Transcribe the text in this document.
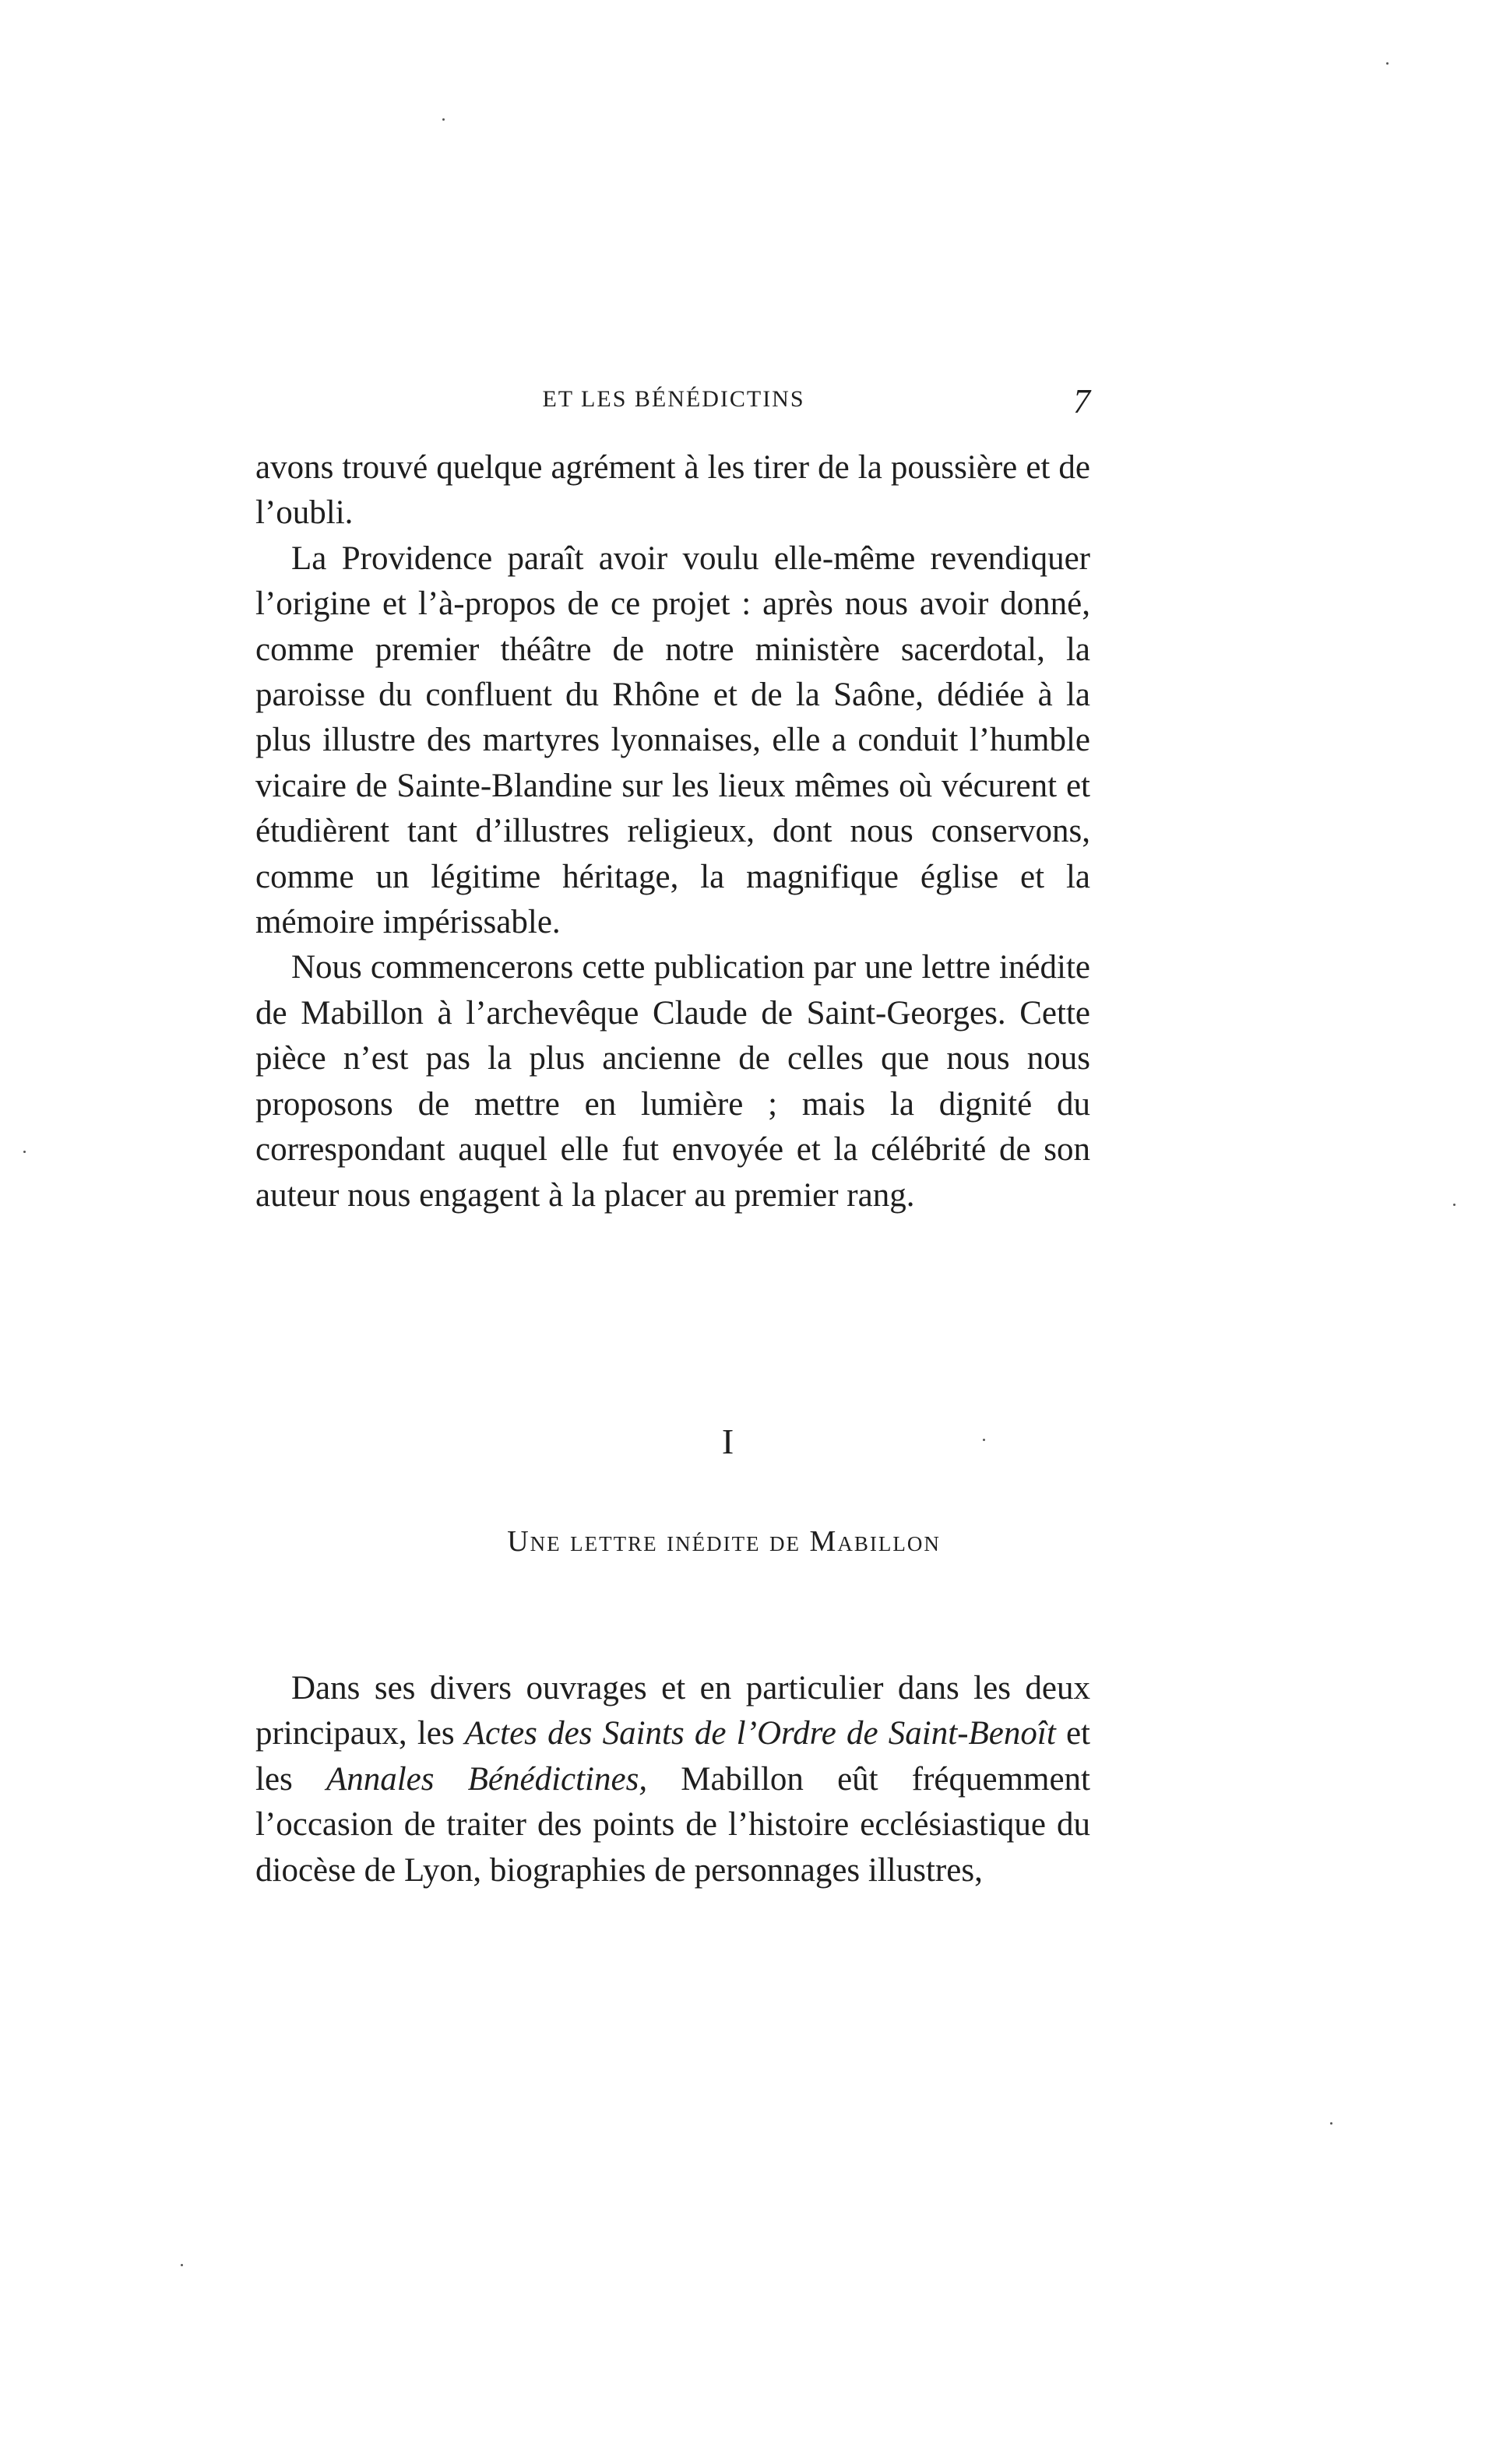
ET LES BÉNÉDICTINS	7

avons trouvé quelque agrément à les tirer de la poussière et de l’oubli.

La Providence paraît avoir voulu elle-même revendiquer l’origine et l’à-propos de ce projet : après nous avoir donné, comme premier théâtre de notre ministère sacerdotal, la paroisse du confluent du Rhône et de la Saône, dédiée à la plus illustre des martyres lyonnaises, elle a conduit l’humble vicaire de Sainte-Blandine sur les lieux mêmes où vécurent et étudièrent tant d’illustres religieux, dont nous conservons, comme un légitime héritage, la magnifique église et la mémoire impérissable.

Nous commencerons cette publication par une lettre inédite de Mabillon à l’archevêque Claude de Saint-Georges. Cette pièce n’est pas la plus ancienne de celles que nous nous proposons de mettre en lumière ; mais la dignité du correspondant auquel elle fut envoyée et la célébrité de son auteur nous engagent à la placer au premier rang.

I
Une lettre inédite de Mabillon

Dans ses divers ouvrages et en particulier dans les deux principaux, les Actes des Saints de l’Ordre de Saint-Benoît et les Annales Bénédictines, Mabillon eût fréquemment l’occasion de traiter des points de l’histoire ecclésiastique du diocèse de Lyon, biographies de personnages illustres,
